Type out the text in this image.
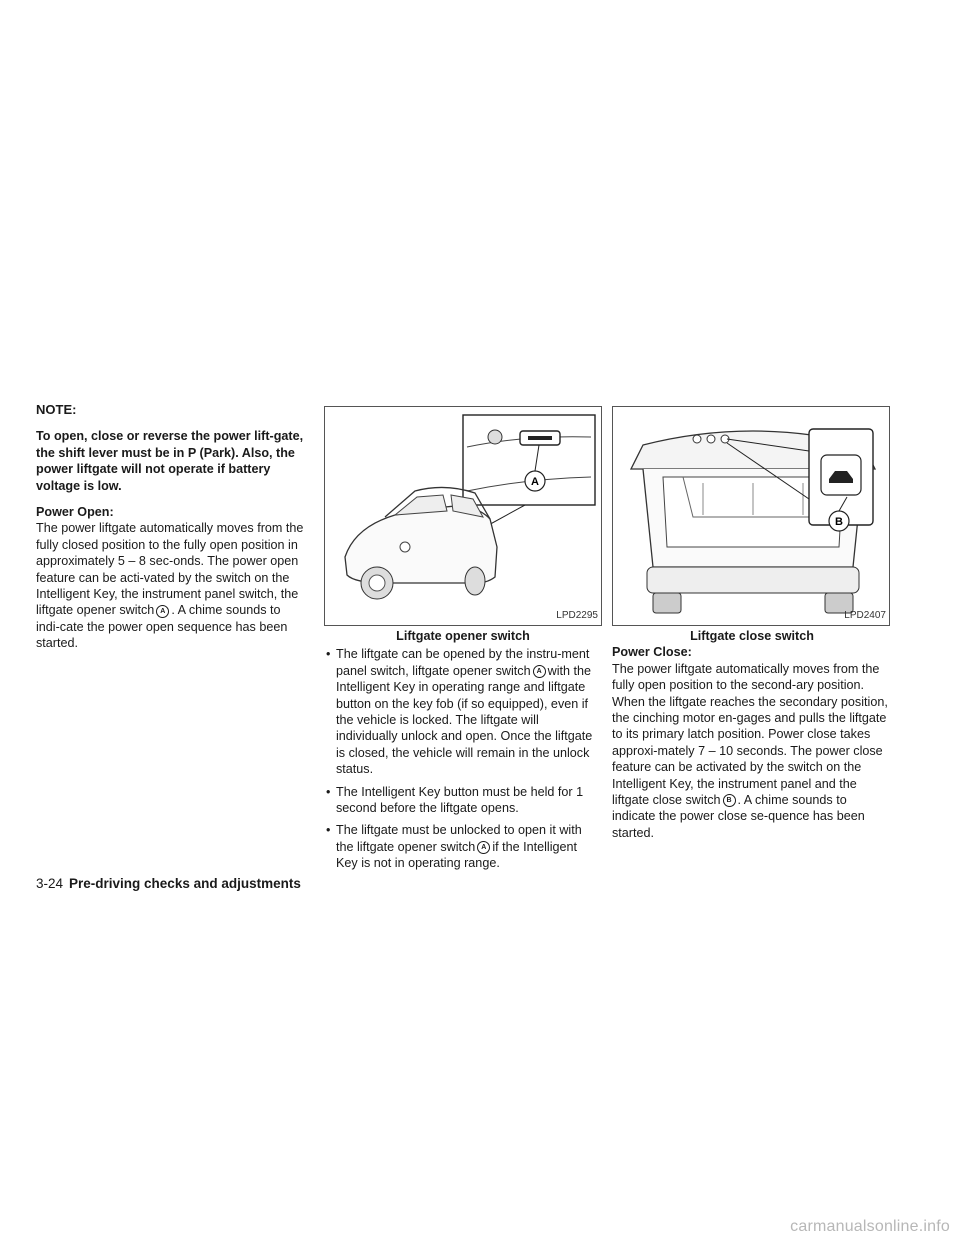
NOTE:

To open, close or reverse the power lift-gate, the shift lever must be in P (Park). Also, the power liftgate will not operate if battery voltage is low.

Power Open:

The power liftgate automatically moves from the fully closed position to the fully open position in approximately 5 – 8 sec-onds. The power open feature can be acti-vated by the switch on the Intelligent Key, the instrument panel switch, the liftgate opener switch A . A chime sounds to indi-cate the power open sequence has been started.

A
LPD2295
Liftgate opener switch
• The liftgate can be opened by the instru-ment panel switch, liftgate opener switch A with the Intelligent Key in operating range and liftgate button on the key fob (if so equipped), even if the vehicle is locked. The liftgate will individually unlock and open. Once the liftgate is closed, the vehicle will remain in the unlock status.
• The Intelligent Key button must be held for 1 second before the liftgate opens.
• The liftgate must be unlocked to open it with the liftgate opener switch A if the Intelligent Key is not in operating range.
B
LPD2407
Liftgate close switch
Power Close:

The power liftgate automatically moves from the fully open position to the second-ary position. When the liftgate reaches the secondary position, the cinching motor en-gages and pulls the liftgate to its primary latch position. Power close takes approxi-mately 7 – 10 seconds. The power close feature can be activated by the switch on the Intelligent Key, the instrument panel and the liftgate close switch B . A chime sounds to indicate the power close se-quence has been started.

3-24 Pre-driving checks and adjustments
carmanualsonline.info
